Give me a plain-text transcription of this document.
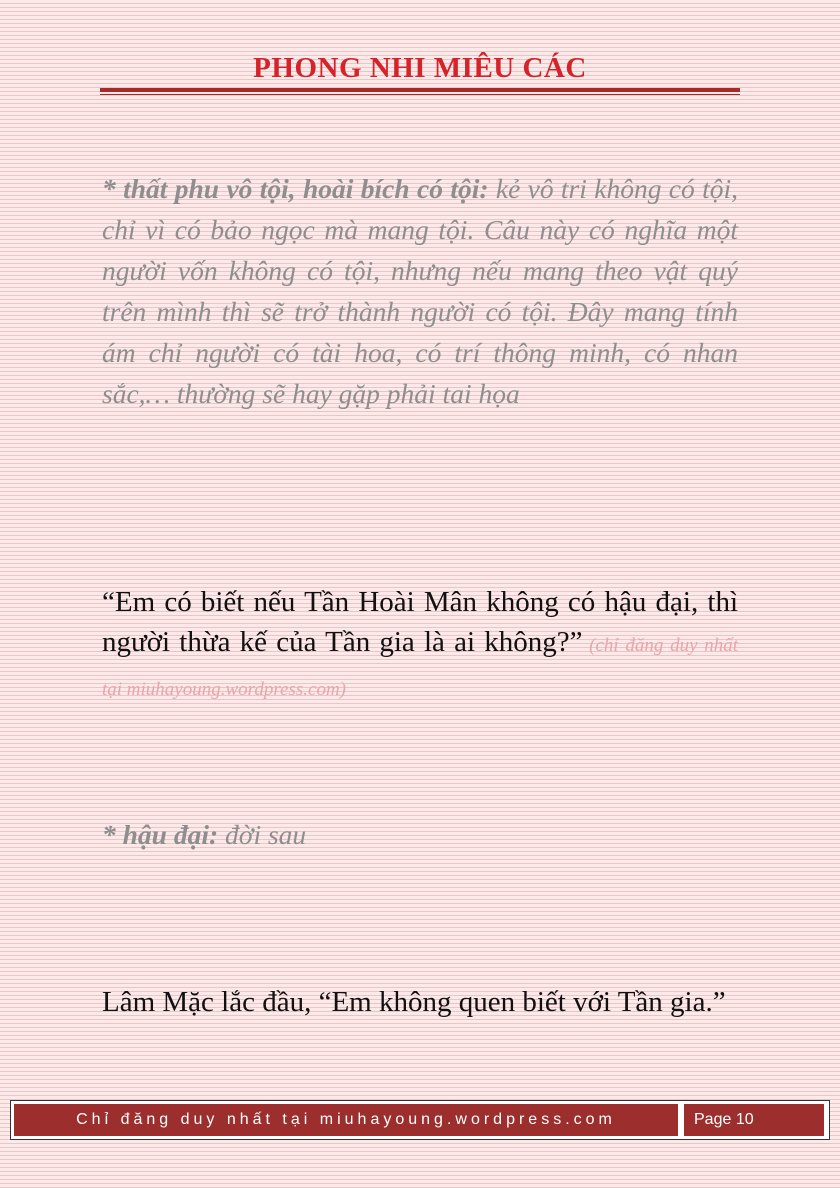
PHONG NHI MIÊU CÁC

* thất phu vô tội, hoài bích có tội: kẻ vô tri không có tội, chỉ vì có bảo ngọc mà mang tội. Câu này có nghĩa một người vốn không có tội, nhưng nếu mang theo vật quý trên mình thì sẽ trở thành người có tội. Đây mang tính ám chỉ người có tài hoa, có trí thông minh, có nhan sắc,… thường sẽ hay gặp phải tai họa

“Em có biết nếu Tần Hoài Mân không có hậu đại, thì người thừa kế của Tần gia là ai không?” (chỉ đăng duy nhất tại miuhayoung.wordpress.com)

* hậu đại: đời sau

Lâm Mặc lắc đầu, “Em không quen biết với Tần gia.”

Chỉ đăng duy nhất tại miuhayoung.wordpress.com	Page 10
